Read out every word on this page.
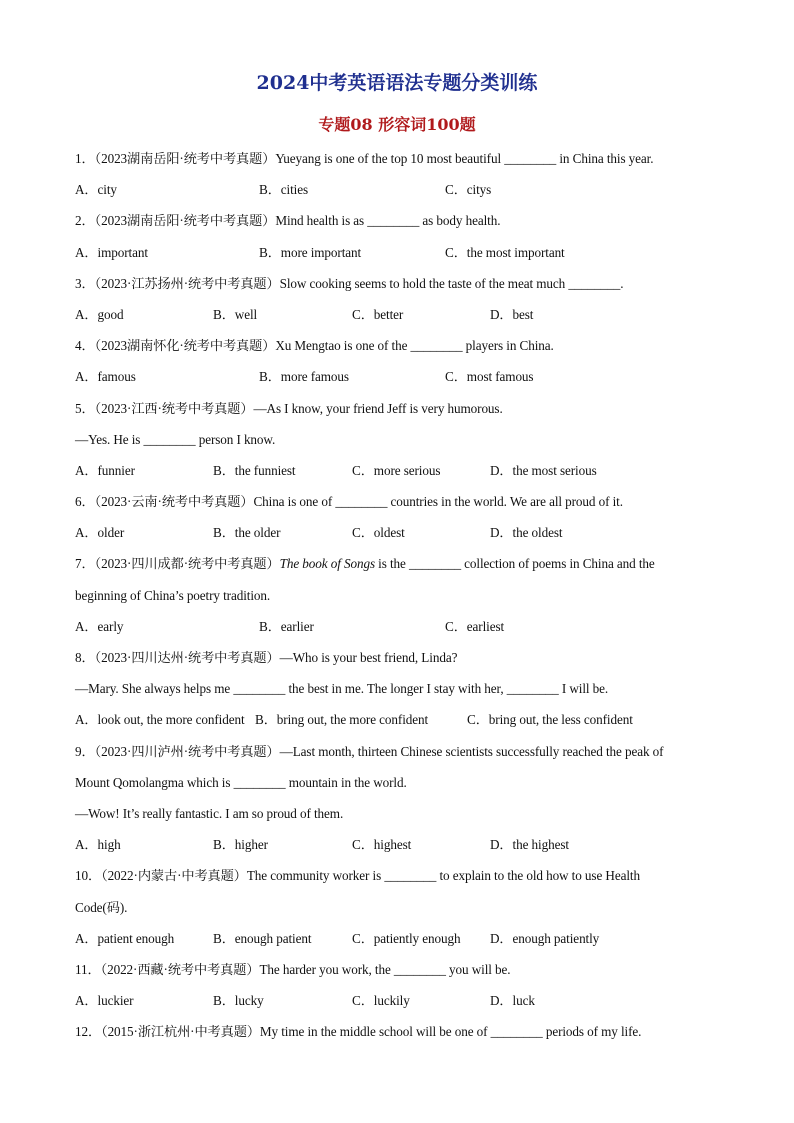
2024中考英语语法专题分类训练
专题08 形容词100题
1．（2023湖南岳阳·统考中考真题）Yueyang is one of the top 10 most beautiful ________ in China this year.
A．city	B．cities	C．citys
2．（2023湖南岳阳·统考中考真题）Mind health is as ________ as body health.
A．important	B．more important	C．the most important
3．（2023·江苏扬州·统考中考真题）Slow cooking seems to hold the taste of the meat much ________.
A．good	B．well	C．better	D．best
4．（2023湖南怀化·统考中考真题）Xu Mengtao is one of the ________ players in China.
A．famous	B．more famous	C．most famous
5．（2023·江西·统考中考真题）—As I know, your friend Jeff is very humorous.
—Yes. He is ________ person I know.
A．funnier	B．the funniest	C．more serious	D．the most serious
6．（2023·云南·统考中考真题）China is one of ________ countries in the world. We are all proud of it.
A．older	B．the older	C．oldest	D．the oldest
7．（2023·四川成都·统考中考真题）The book of Songs is the ________ collection of poems in China and the
beginning of China’s poetry tradition.
A．early	B．earlier	C．earliest
8．（2023·四川达州·统考中考真题）—Who is your best friend, Linda?
—Mary. She always helps me ________ the best in me. The longer I stay with her, ________ I will be.
A．look out, the more confident B．bring out, the more confident	C．bring out, the less confident
9．（2023·四川泸州·统考中考真题）—Last month, thirteen Chinese scientists successfully reached the peak of
Mount Qomolangma which is ________ mountain in the world.
—Wow! It’s really fantastic. I am so proud of them.
A．high	B．higher	C．highest	D．the highest
10．（2022·内蒙古·中考真题）The community worker is ________ to explain to the old how to use Health
Code(码).
A．patient enough	B．enough patient	C．patiently enough D．enough patiently
11．（2022·西藏·统考中考真题）The harder you work, the ________ you will be.
A．luckier	B．lucky	C．luckily	D．luck
12．（2015·浙江杭州·中考真题）My time in the middle school will be one of ________ periods of my life.
